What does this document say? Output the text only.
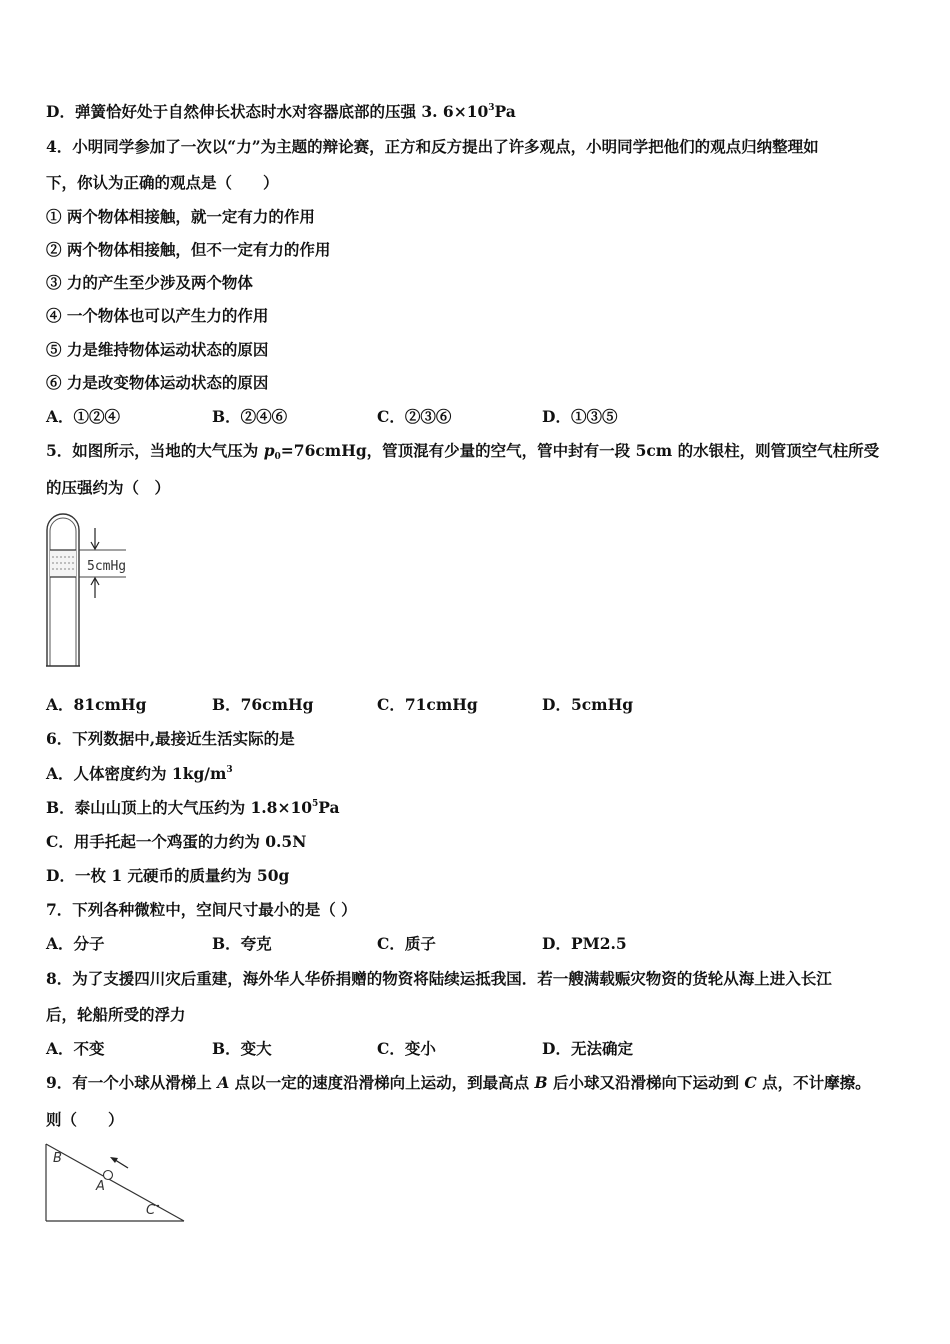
D．弹簧恰好处于自然伸长状态时水对容器底部的压强 3. $6\times 10^3Pa$
4．小明同学参加了一次以“力”为主题的辩论赛，正方和反方提出了许多观点，小明同学把他们的观点归纳整理如
下，你认为正确的观点是（　　）
① 两个物体相接触，就一定有力的作用
② 两个物体相接触，但不一定有力的作用
③ 力的产生至少涉及两个物体
④ 一个物体也可以产生力的作用
⑤ 力是维持物体运动状态的原因
⑥ 力是改变物体运动状态的原因
A．①②④	B．②④⑥	C．②③⑥	D．①③⑤
5．如图所示，当地的大气压为 $p_0=76cmHg$，管顶混有少量的空气，管中封有一段 5cm 的水银柱，则管顶空气柱所受
的压强约为（　）
5cmHg
A．81cmHg	B．76cmHg	C．71cmHg	D．5cmHg
6．下列数据中,最接近生活实际的是
A．人体密度约为 $1kg/m^3$
B．泰山山顶上的大气压约为 $1.8\times 10^5Pa$
C．用手托起一个鸡蛋的力约为 0.5N
D．一枚 1 元硬币的质量约为 50g
7．下列各种微粒中，空间尺寸最小的是（ ）
A．分子	B．夸克	C．质子	D．PM2.5
8．为了支援四川灾后重建，海外华人华侨捐赠的物资将陆续运抵我国．若一艘满载赈灾物资的货轮从海上进入长江
后，轮船所受的浮力
A．不变	B．变大	C．变小	D．无法确定
9．有一个小球从滑梯上 A 点以一定的速度沿滑梯向上运动，到最高点 B 后小球又沿滑梯向下运动到 C 点，不计摩擦。
则（　　）
B
A
C
